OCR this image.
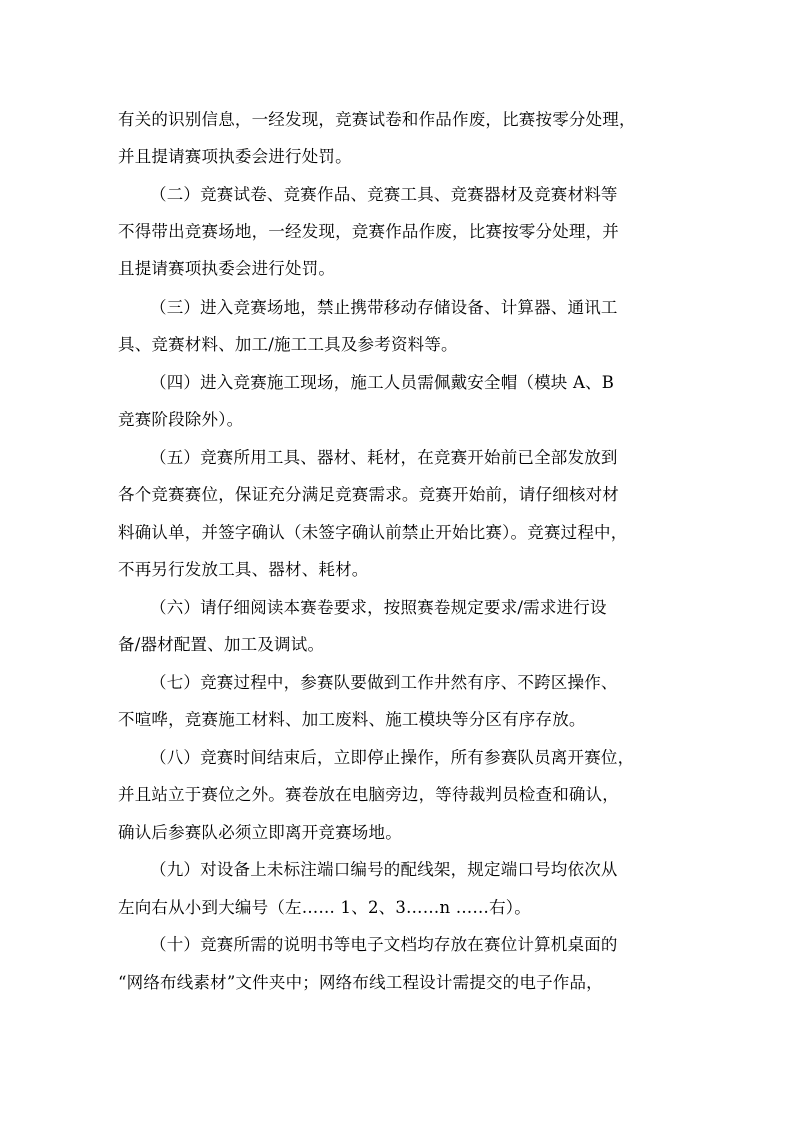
有关的识别信息，一经发现，竞赛试卷和作品作废，比赛按零分处理，
并且提请赛项执委会进行处罚。
（二）竞赛试卷、竞赛作品、竞赛工具、竞赛器材及竞赛材料等
不得带出竞赛场地，一经发现，竞赛作品作废，比赛按零分处理，并
且提请赛项执委会进行处罚。
（三）进入竞赛场地，禁止携带移动存储设备、计算器、通讯工
具、竞赛材料、加工/施工工具及参考资料等。
（四）进入竞赛施工现场，施工人员需佩戴安全帽（模块 A、B
竞赛阶段除外）。
（五）竞赛所用工具、器材、耗材，在竞赛开始前已全部发放到
各个竞赛赛位，保证充分满足竞赛需求。竞赛开始前，请仔细核对材
料确认单，并签字确认（未签字确认前禁止开始比赛）。竞赛过程中，
不再另行发放工具、器材、耗材。
（六）请仔细阅读本赛卷要求，按照赛卷规定要求/需求进行设
备/器材配置、加工及调试。
（七）竞赛过程中，参赛队要做到工作井然有序、不跨区操作、
不喧哗，竞赛施工材料、加工废料、施工模块等分区有序存放。
（八）竞赛时间结束后，立即停止操作，所有参赛队员离开赛位，
并且站立于赛位之外。赛卷放在电脑旁边，等待裁判员检查和确认，
确认后参赛队必须立即离开竞赛场地。
（九）对设备上未标注端口编号的配线架，规定端口号均依次从
左向右从小到大编号（左…… 1、2、3……n ……右）。
（十）竞赛所需的说明书等电子文档均存放在赛位计算机桌面的
“网络布线素材”文件夹中；网络布线工程设计需提交的电子作品，
